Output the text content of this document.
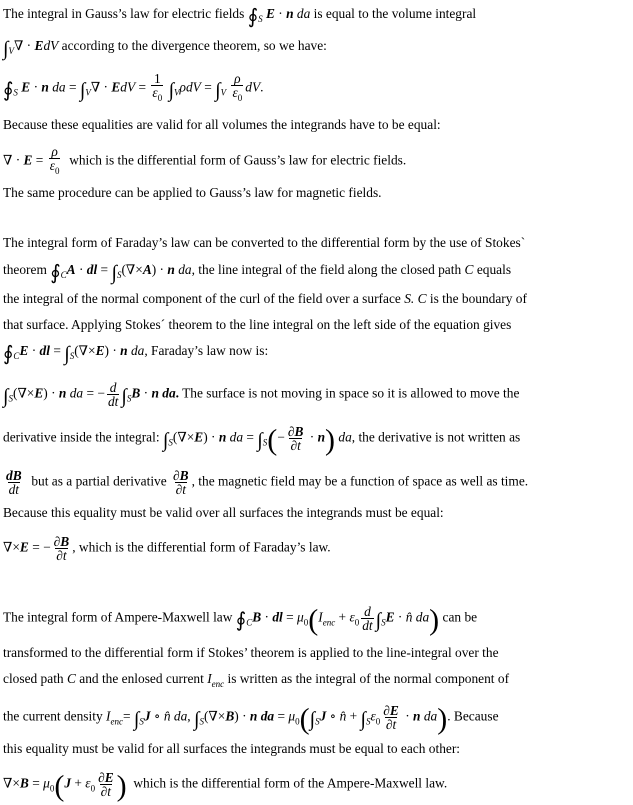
The integral in Gauss’s law for electric fields $∮_S$ E · n da is equal to the volume integral
$\int_V\nabla$ · EdV according to the divergence theorem, so we have:
$∮_S$ E · n da = $\int_V\nabla$ · EdV = $\frac{1}{\varepsilon_0} \int_V\rho dV = \int_V \frac{\rho}{\varepsilon_0}$ dV.
Because these equalities are valid for all volumes the integrands have to be equal:
∇ · $E = \frac{\rho}{\varepsilon_0}$ which is the differential form of Gauss’s law for electric fields.
The same procedure can be applied to Gauss’s law for magnetic fields.
The integral form of Faraday’s law can be converted to the differential form by the use of Stokes`
theorem $∮_CA$ · dl = $\int_S(\nabla\times A) \cdot n$ da, the line integral of the field along the closed path C equals
the integral of the normal component of the curl of the field over a surface S. C is the boundary of
that surface. Applying Stokes´ theorem to the line integral on the left side of the equation gives
$∮_CE$ · dl = $\int_S(\nabla\times E) \cdot n$ da, Faraday’s law now is:
$\int_S(\nabla\times E) \cdot n$ da = − $\frac{d}{dt} \int_SB \cdot n$ da. The surface is not moving in space so it is allowed to move the
derivative inside the integral: $\int_S(\nabla\times E) \cdot n$ da = $\int_S(- \frac{\partial B}{\partial t} \cdot n)$ da, the derivative is not written as
$\frac{dB}{dt}$ but as a partial derivative $\frac{\partial B}{\partial t}$ , the magnetic field may be a function of space as well as time.
Because this equality must be valid over all surfaces the integrands must be equal:
∇×E = − $\frac{\partial B}{\partial t}$ , which is the differential form of Faraday’s law.
The integral form of Ampere-Maxwell law $∮_CB$ · dl = $\mu_0(I_{enc} + \varepsilon_0 \frac{d}{dt} \int_SE$ · n̂ da) can be
transformed to the differential form if Stokes’ theorem is applied to the line-integral over the
closed path C and the enlosed current $I_{enc}$ is written as the integral of the normal component of
the current density $I_{enc}= \int_SJ$ ∘ n̂ da, $\int_S(\nabla\times B) \cdot n$ da = $\mu_0(\int_SJ$ ∘ n̂ + $\int_S\varepsilon_0 \frac{\partial E}{\partial t} \cdot n$ da). Because
this equality must be valid for all surfaces the integrands must be equal to each other:
$\nabla\times B = \mu_0(J + \varepsilon_0 \frac{\partial E}{\partial t}$ ) which is the differential form of the Ampere-Maxwell law.
